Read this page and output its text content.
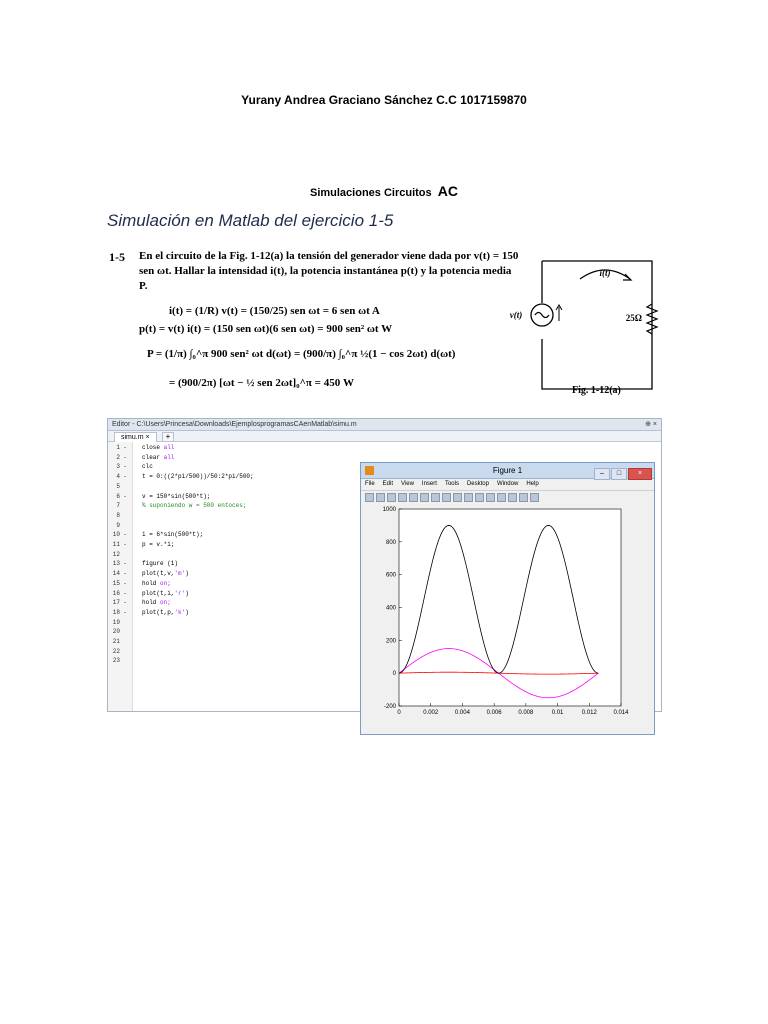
Yurany Andrea Graciano Sánchez C.C 1017159870
Simulaciones Circuitos AC
Simulación en Matlab del ejercicio 1-5
1-5 En el circuito de la Fig. 1-12(a) la tensión del generador viene dada por v(t) = 150 sen ωt. Hallar la intensidad i(t), la potencia instantánea p(t) y la potencia media P.
i(t) = (1/R) v(t) = (150/25) sen ωt = 6 sen ωt A
p(t) = v(t) i(t) = (150 sen ωt)(6 sen ωt) = 900 sen² ωt W
P = (1/π) ∫₀^π 900 sen² ωt d(ωt) = (900/π) ∫₀^π ½(1 − cos 2ωt) d(ωt)
= (900/2π) [ωt − ½ sen 2ωt]₀^π = 450 W
i(t)
v(t)	25Ω
Fig. 1-12(a)
Editor - C:\Users\Princesa\Downloads\EjemplosprogramasCAenMatlab\simu.m	⊕ ×
simu.m ×	+
1 -	close all
2 -	clear all
3 -	clc
4 -	t = 0:((2*pi/500))/50:2*pi/500;
5
6 -	v = 150*sin(500*t);
7	% suponiendo w = 500 entoces;
8
9
10 -	i = 6*sin(500*t);
11 -	p = v.*i;
12
13 -	figure (1)
14 -	plot(t,v,'m')
15 -	hold on;
16 -	plot(t,i,'r')
17 -	hold on;
18 -	plot(t,p,'k')
19
20
21
22
23
Figure 1	– □ ×
File Edit View Insert Tools Desktop Window Help
0	0.002	0.004	0.006	0.008	0.01	0.012	0.014
-200
0
200
400
600
800
1000
